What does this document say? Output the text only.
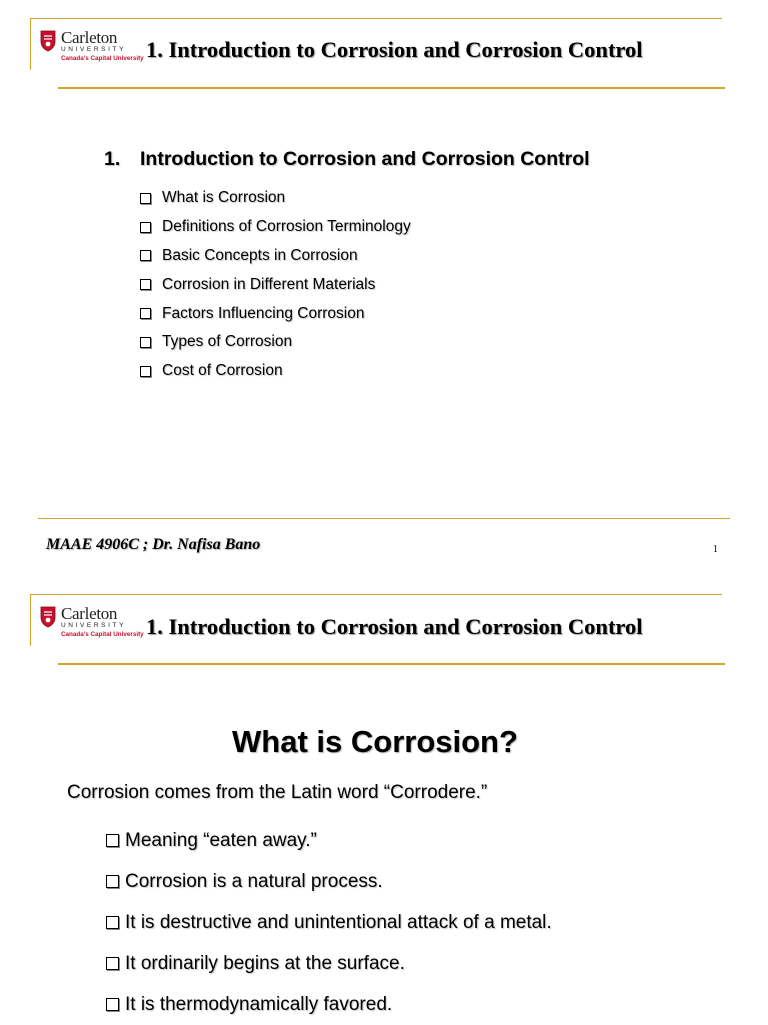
Carleton
UNIVERSITY
Canada's Capital University 1. Introduction to Corrosion and Corrosion Control
1. Introduction to Corrosion and Corrosion Control
What is Corrosion
Definitions of Corrosion Terminology
Basic Concepts in Corrosion
Corrosion in Different Materials
Factors Influencing Corrosion
Types of Corrosion
Cost of Corrosion
MAAE 4906C ; Dr. Nafisa Bano	1
Carleton
UNIVERSITY
Canada's Capital University 1. Introduction to Corrosion and Corrosion Control
What is Corrosion?
Corrosion comes from the Latin word “Corrodere.”
Meaning “eaten away.”
Corrosion is a natural process.
It is destructive and unintentional attack of a metal.
It ordinarily begins at the surface.
It is thermodynamically favored.
